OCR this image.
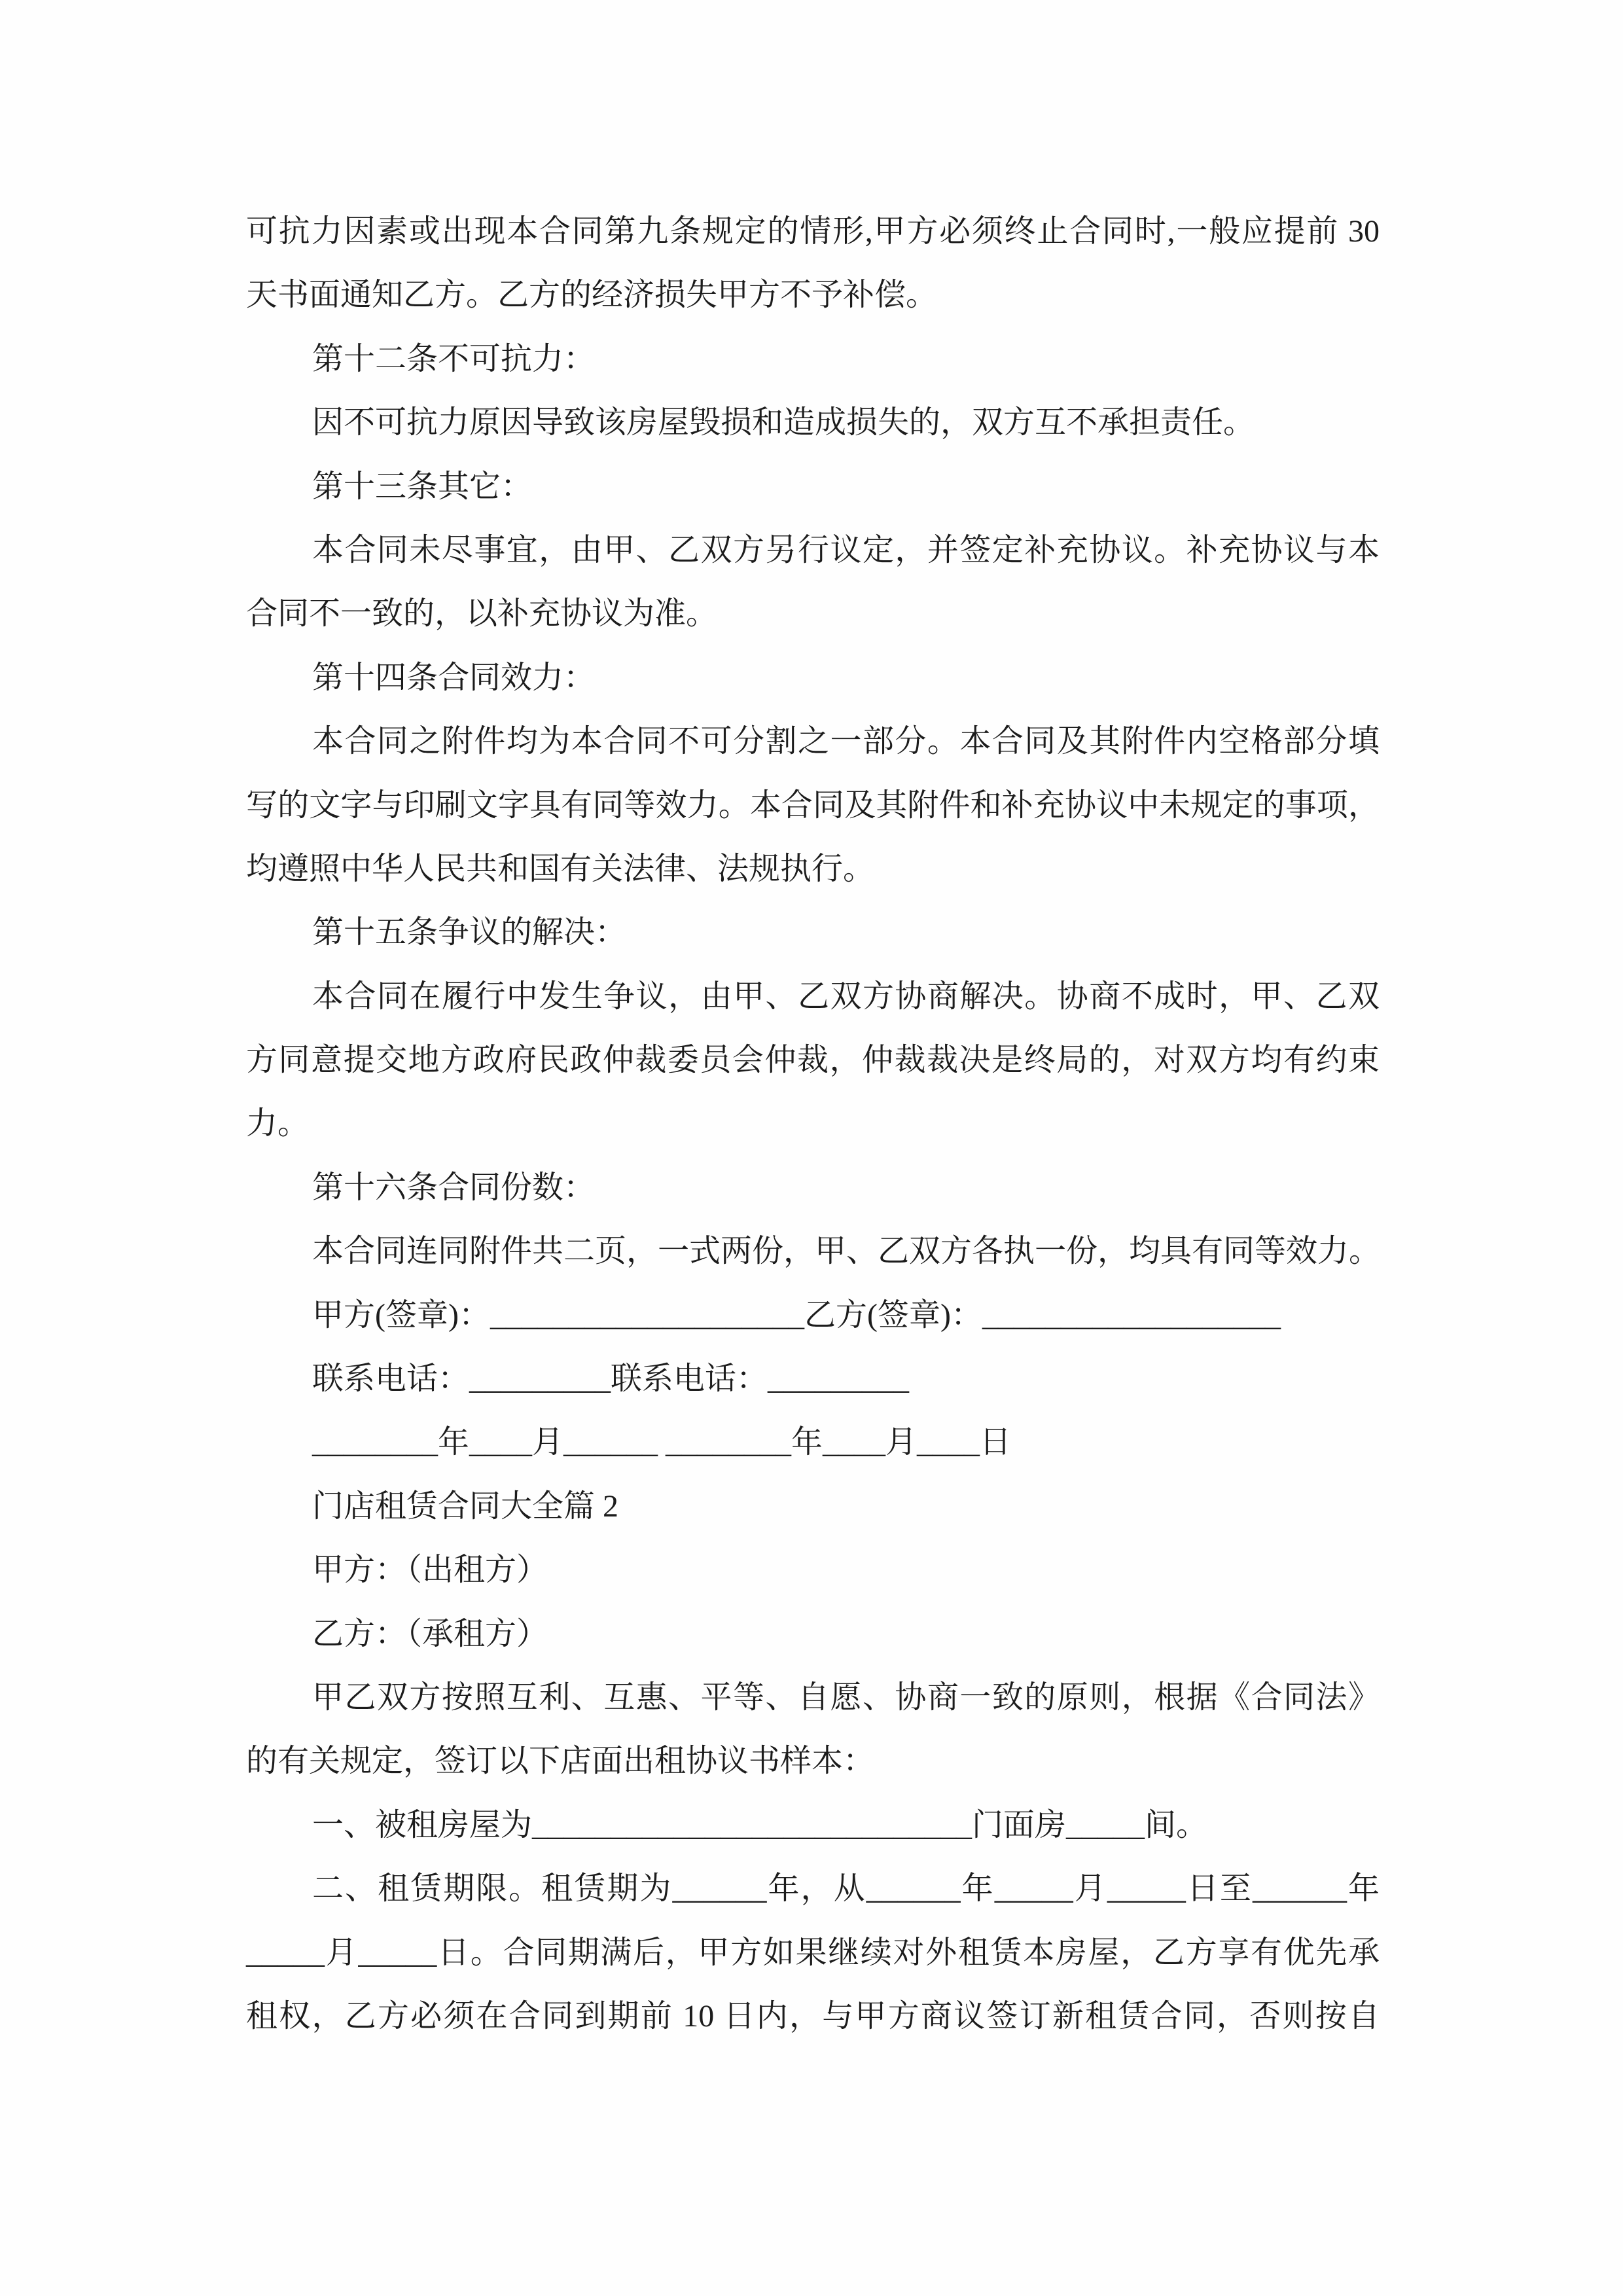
可抗力因素或出现本合同第九条规定的情形,甲方必须终止合同时,一般应提前 30
天书面通知乙方。乙方的经济损失甲方不予补偿。
第十二条不可抗力：
因不可抗力原因导致该房屋毁损和造成损失的，双方互不承担责任。
第十三条其它：
本合同未尽事宜，由甲、乙双方另行议定，并签定补充协议。补充协议与本
合同不一致的，以补充协议为准。
第十四条合同效力：
本合同之附件均为本合同不可分割之一部分。本合同及其附件内空格部分填
写的文字与印刷文字具有同等效力。本合同及其附件和补充协议中未规定的事项，
均遵照中华人民共和国有关法律、法规执行。
第十五条争议的解决：
本合同在履行中发生争议，由甲、乙双方协商解决。协商不成时，甲、乙双
方同意提交地方政府民政仲裁委员会仲裁，仲裁裁决是终局的，对双方均有约束
力。
第十六条合同份数：
本合同连同附件共二页，一式两份，甲、乙双方各执一份，均具有同等效力。
甲方(签章)：____________________乙方(签章)：___________________
联系电话：_________联系电话：_________
________年____月______ ________年____月____日
门店租赁合同大全篇 2
甲方：（出租方）
乙方：（承租方）
甲乙双方按照互利、互惠、平等、自愿、协商一致的原则，根据《合同法》
的有关规定，签订以下店面出租协议书样本：
一、被租房屋为____________________________门面房_____间。
二、租赁期限。租赁期为______年，从______年_____月_____日至______年
_____月_____日。合同期满后，甲方如果继续对外租赁本房屋，乙方享有优先承
租权，乙方必须在合同到期前 10 日内，与甲方商议签订新租赁合同，否则按自
